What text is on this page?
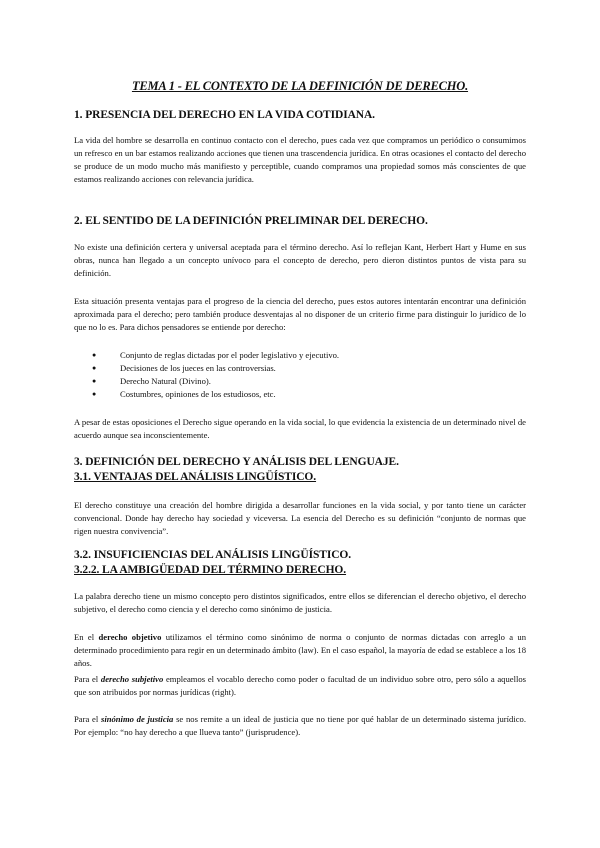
TEMA 1 - EL CONTEXTO DE LA DEFINICIÓN DE DERECHO.
1. PRESENCIA DEL DERECHO EN LA VIDA COTIDIANA.

La vida del hombre se desarrolla en continuo contacto con el derecho, pues cada vez que compramos un periódico o consumimos un refresco en un bar estamos realizando acciones que tienen una trascendencia jurídica. En otras ocasiones el contacto del derecho se produce de un modo mucho más manifiesto y perceptible, cuando compramos una propiedad somos más conscientes de que estamos realizando acciones con relevancia jurídica.

2. EL SENTIDO DE LA DEFINICIÓN PRELIMINAR DEL DERECHO.

No existe una definición certera y universal aceptada para el término derecho. Así lo reflejan Kant, Herbert Hart y Hume en sus obras, nunca han llegado a un concepto unívoco para el concepto de derecho, pero dieron distintos puntos de vista para su definición.

Esta situación presenta ventajas para el progreso de la ciencia del derecho, pues estos autores intentarán encontrar una definición aproximada para el derecho; pero también produce desventajas al no disponer de un criterio firme para distinguir lo jurídico de lo que no lo es. Para dichos pensadores se entiende por derecho:

●	Conjunto de reglas dictadas por el poder legislativo y ejecutivo.
●	Decisiones de los jueces en las controversias.
●	Derecho Natural (Divino).
●	Costumbres, opiniones de los estudiosos, etc.

A pesar de estas oposiciones el Derecho sigue operando en la vida social, lo que evidencia la existencia de un determinado nivel de acuerdo aunque sea inconscientemente.

3. DEFINICIÓN DEL DERECHO Y ANÁLISIS DEL LENGUAJE.
3.1. VENTAJAS DEL ANÁLISIS LINGÜÍSTICO.

El derecho constituye una creación del hombre dirigida a desarrollar funciones en la vida social, y por tanto tiene un carácter convencional. Donde hay derecho hay sociedad y viceversa. La esencia del Derecho es su definición “conjunto de normas que rigen nuestra convivencia”.

3.2. INSUFICIENCIAS DEL ANÁLISIS LINGÜÍSTICO.
3.2.2. LA AMBIGÜEDAD DEL TÉRMINO DERECHO.

La palabra derecho tiene un mismo concepto pero distintos significados, entre ellos se diferencian el derecho objetivo, el derecho subjetivo, el derecho como ciencia y el derecho como sinónimo de justicia.

En el derecho objetivo utilizamos el término como sinónimo de norma o conjunto de normas dictadas con arreglo a un determinado procedimiento para regir en un determinado ámbito (law). En el caso español, la mayoría de edad se establece a los 18 años.

Para el derecho subjetivo empleamos el vocablo derecho como poder o facultad de un individuo sobre otro, pero sólo a aquellos que son atribuidos por normas jurídicas (right).

Para el sinónimo de justicia se nos remite a un ideal de justicia que no tiene por qué hablar de un determinado sistema jurídico. Por ejemplo: “no hay derecho a que llueva tanto” (jurisprudence).
